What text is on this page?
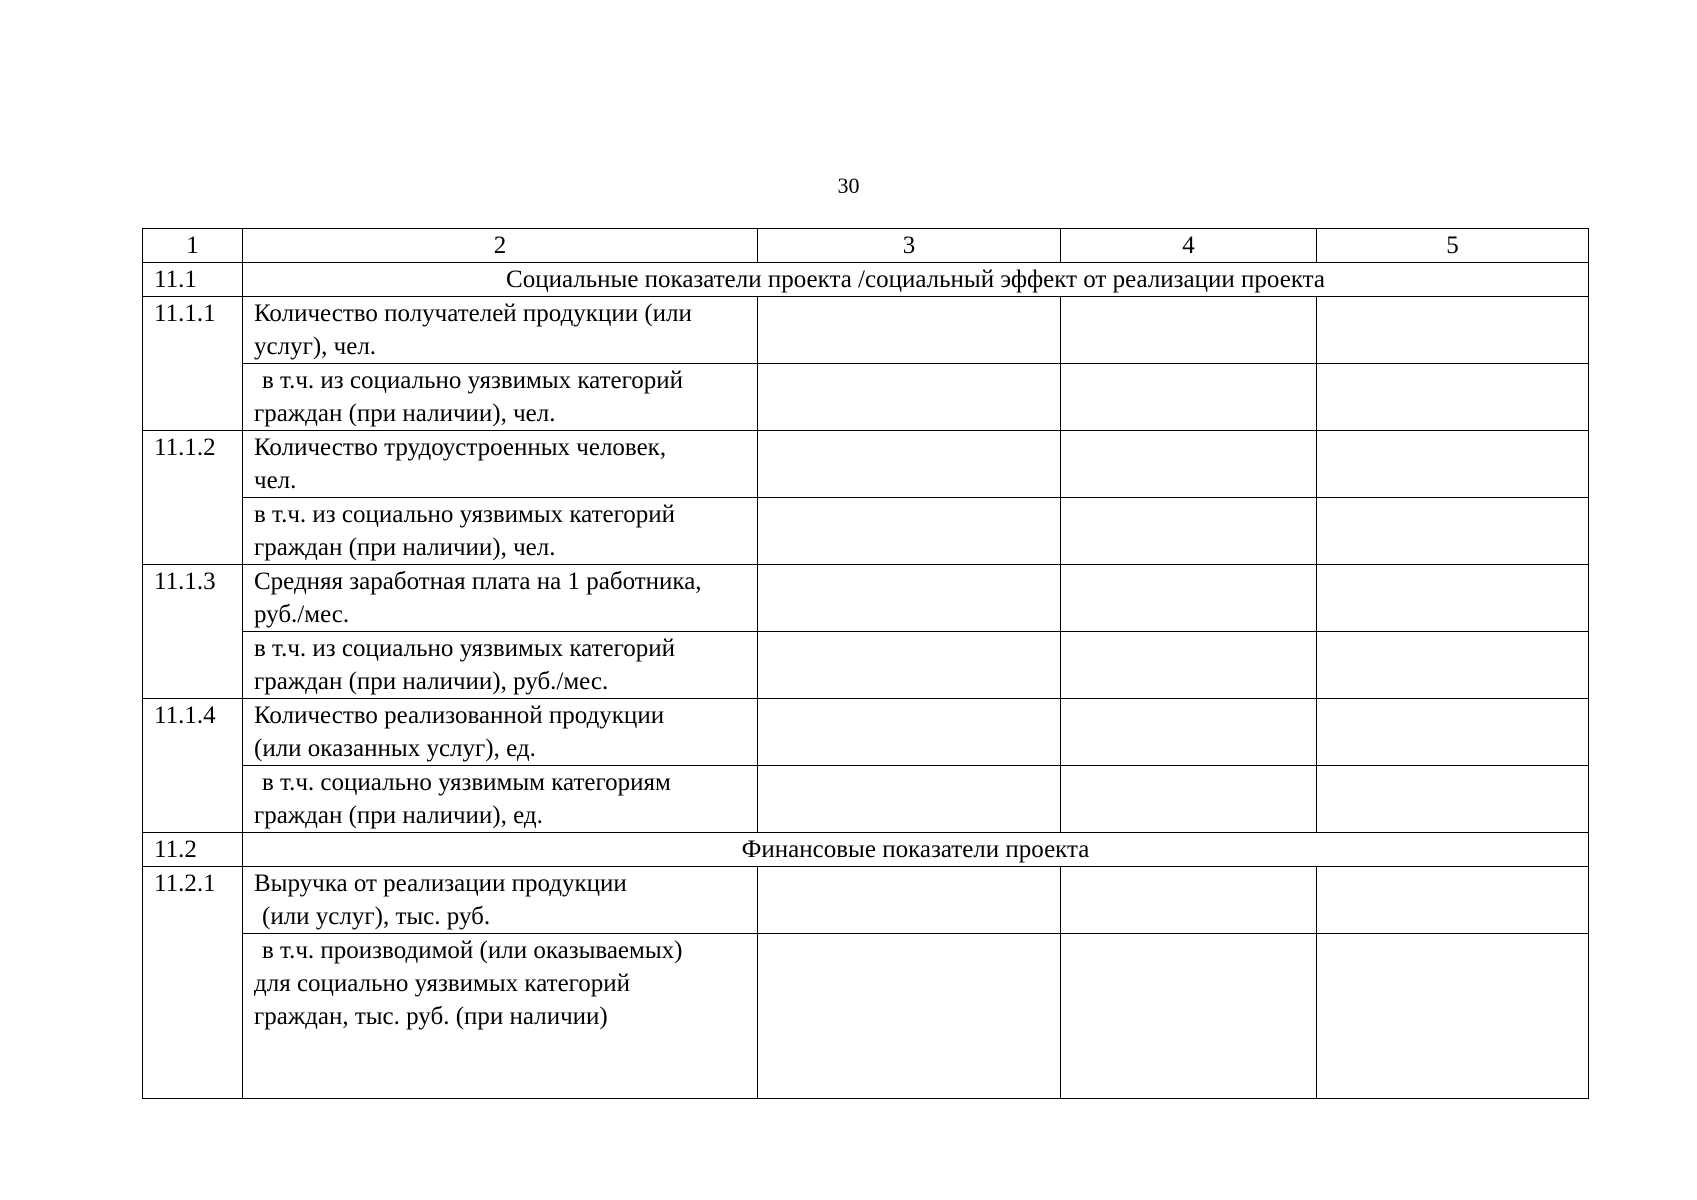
30
1	2	3	4	5
11.1	Социальные показатели проекта /социальный эффект от реализации проекта			
11.1.1	Количество получателей продукции (или
услуг), чел.			

	в т.ч. из социально уязвимых категорий
граждан (при наличии), чел.			

11.1.2	Количество трудоустроенных человек,
чел.			

	в т.ч. из социально уязвимых категорий
граждан (при наличии), чел.			

11.1.3	Средняя заработная плата на 1 работника,
руб./мес.			

	в т.ч. из социально уязвимых категорий
граждан (при наличии), руб./мес.			

11.1.4	Количество реализованной продукции
(или оказанных услуг), ед.			

	в т.ч. социально уязвимым категориям
граждан (при наличии), ед.			

11.2	Финансовые показатели проекта			
11.2.1	Выручка от реализации продукции
(или услуг), тыс. руб.			

	в т.ч. производимой (или оказываемых)
для социально уязвимых категорий
граждан, тыс. руб. (при наличии)			
